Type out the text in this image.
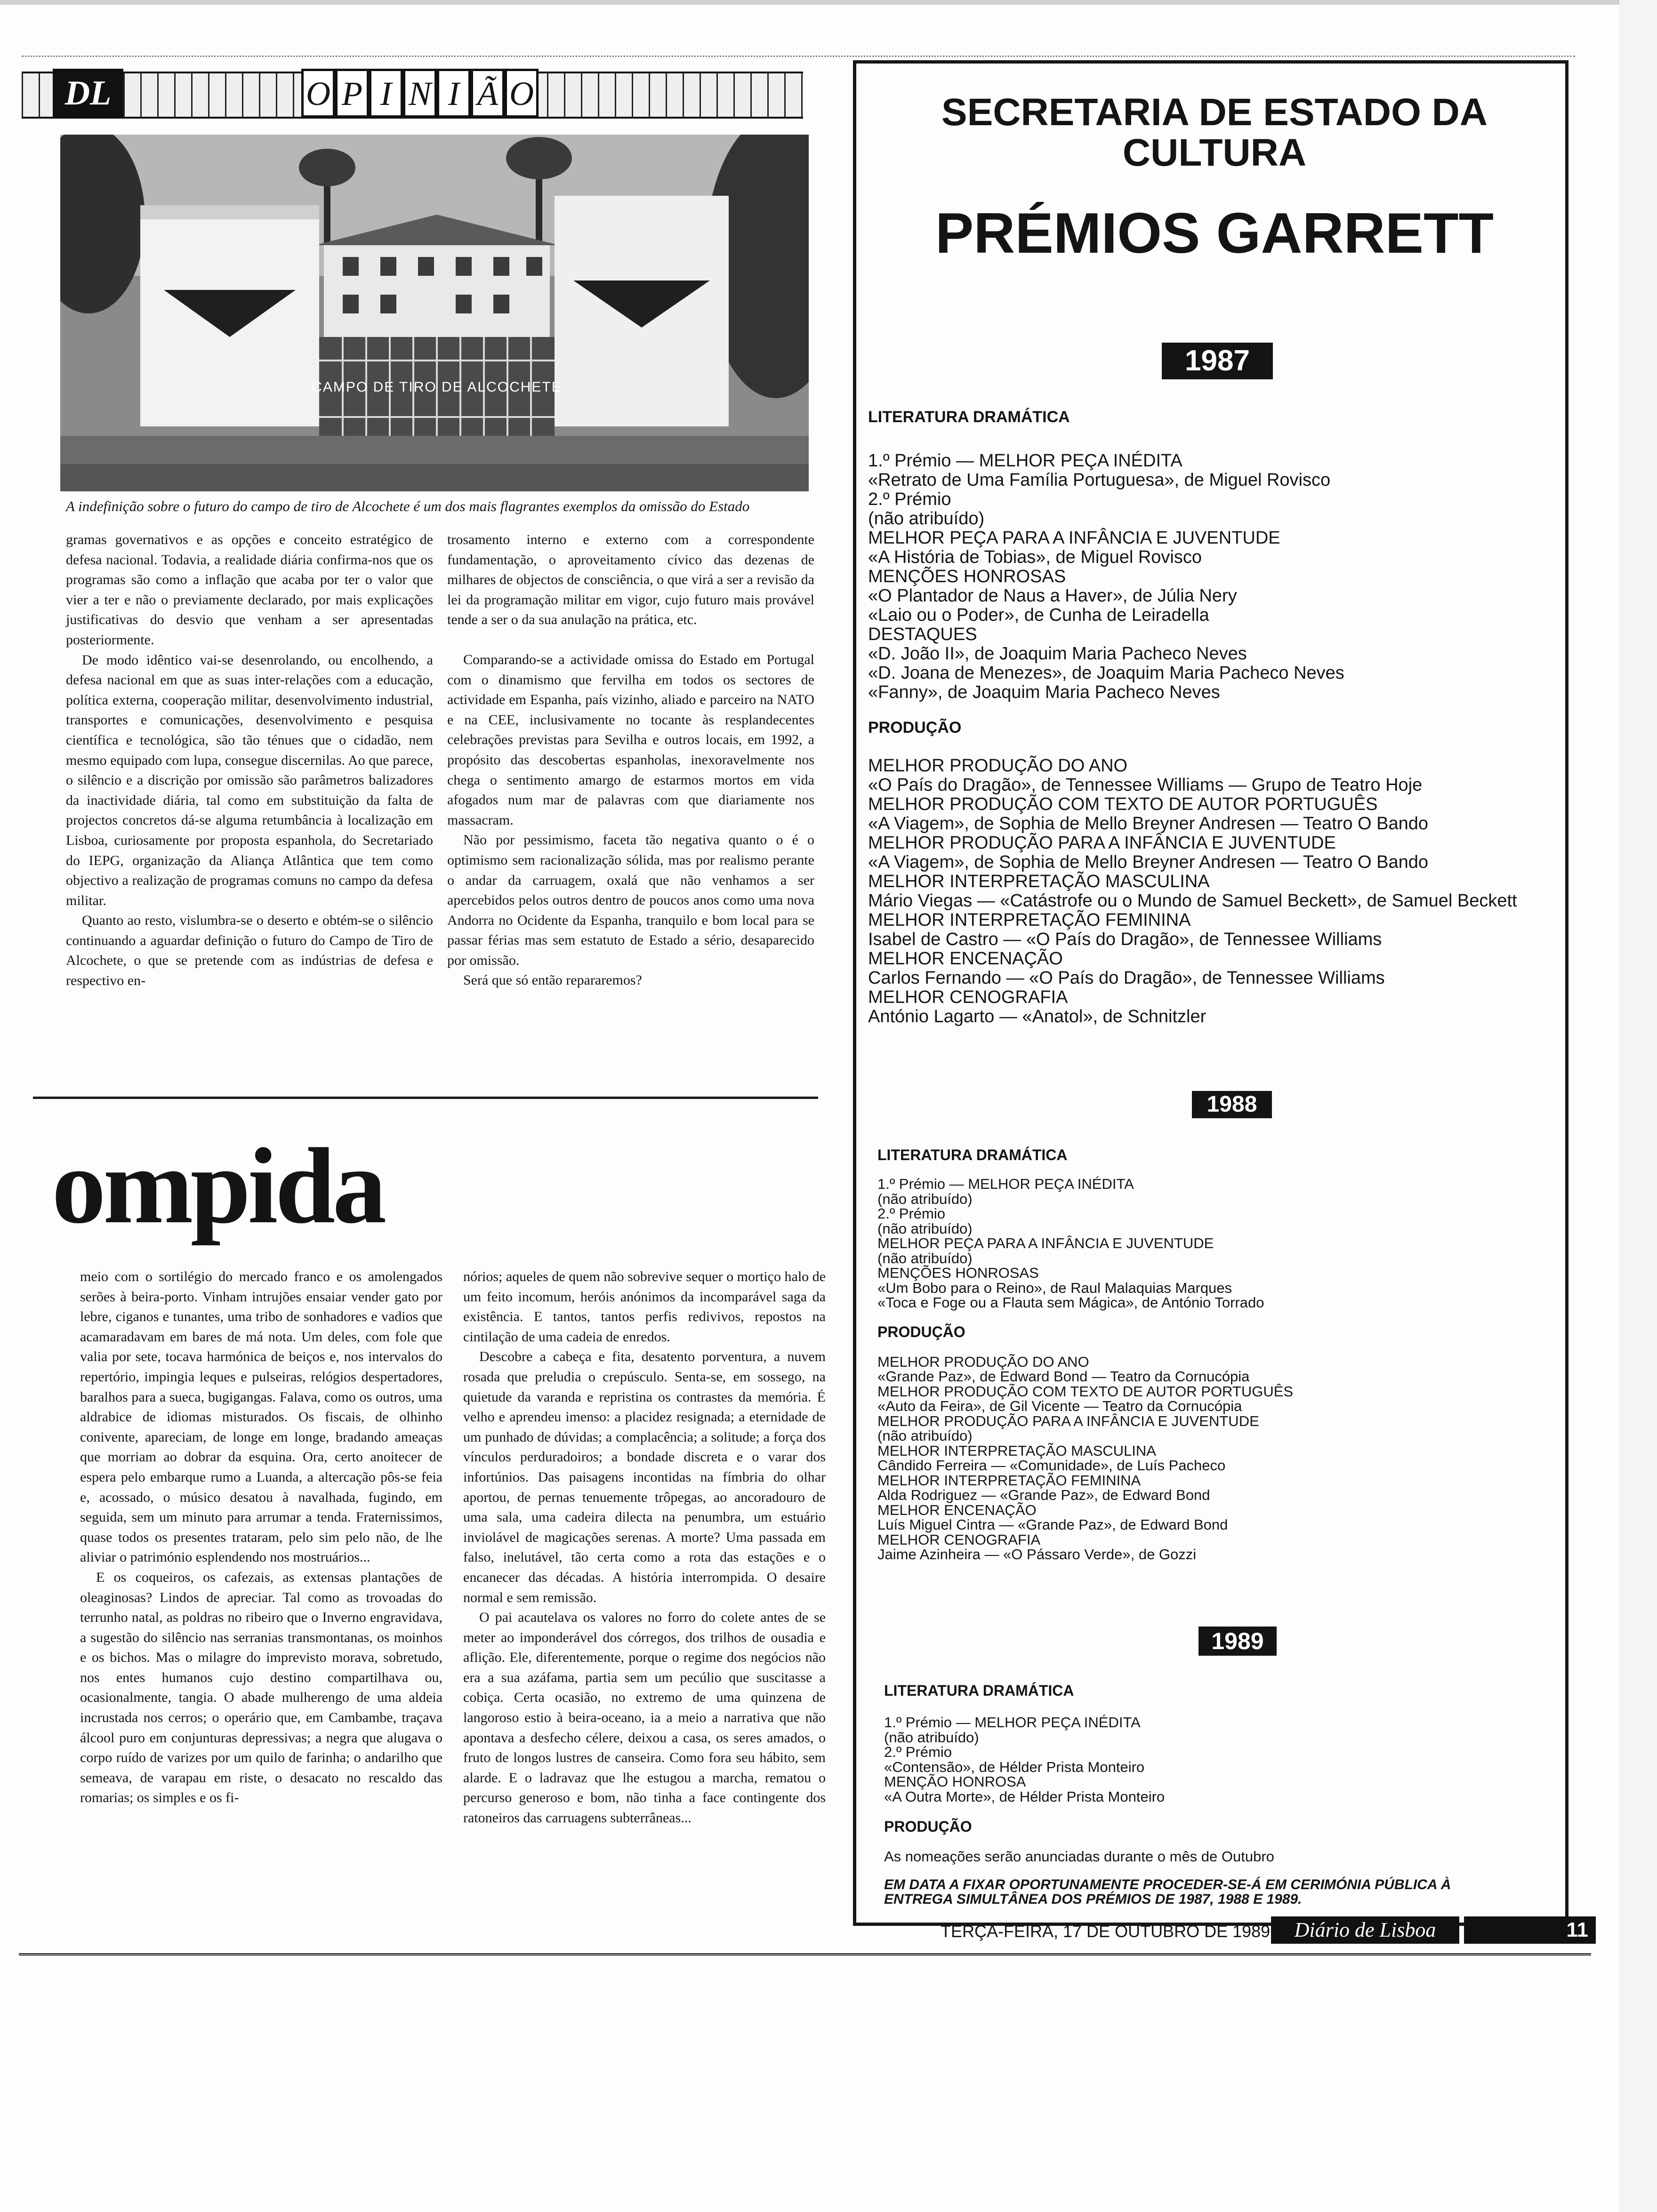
DL	O P I N I Ã O
CAMPO DE TIRO DE ALCOCHETE
A indefinição sobre o futuro do campo de tiro de Alcochete é um dos mais flagrantes exemplos da omissão do Estado

gramas governativos e as opções e conceito estratégico de defesa nacional. Todavia, a realidade diária confirma-nos que os programas são como a inflação que acaba por ter o valor que vier a ter e não o previamente declarado, por mais explicações justificativas do desvio que venham a ser apresentadas posteriormente.

De modo idêntico vai-se desenrolando, ou encolhendo, a defesa nacional em que as suas inter-relações com a educação, política externa, cooperação militar, desenvolvimento industrial, transportes e comunicações, desenvolvimento e pesquisa científica e tecnológica, são tão ténues que o cidadão, nem mesmo equipado com lupa, consegue discernilas. Ao que parece, o silêncio e a discrição por omissão são parâmetros balizadores da inactividade diária, tal como em substituição da falta de projectos concretos dá-se alguma retumbância à localização em Lisboa, curiosamente por proposta espanhola, do Secretariado do IEPG, organização da Aliança Atlântica que tem como objectivo a realização de programas comuns no campo da defesa militar.

Quanto ao resto, vislumbra-se o deserto e obtém-se o silêncio continuando a aguardar definição o futuro do Campo de Tiro de Alcochete, o que se pretende com as indústrias de defesa e respectivo en-

trosamento interno e externo com a correspondente fundamentação, o aproveitamento cívico das dezenas de milhares de objectos de consciência, o que virá a ser a revisão da lei da programação militar em vigor, cujo futuro mais provável tende a ser o da sua anulação na prática, etc.

Comparando-se a actividade omissa do Estado em Portugal com o dinamismo que fervilha em todos os sectores de actividade em Espanha, país vizinho, aliado e parceiro na NATO e na CEE, inclusivamente no tocante às resplandecentes celebrações previstas para Sevilha e outros locais, em 1992, a propósito das descobertas espanholas, inexoravelmente nos chega o sentimento amargo de estarmos mortos em vida afogados num mar de palavras com que diariamente nos massacram.

Não por pessimismo, faceta tão negativa quanto o é o optimismo sem racionalização sólida, mas por realismo perante o andar da carruagem, oxalá que não venhamos a ser apercebidos pelos outros dentro de poucos anos como uma nova Andorra no Ocidente da Espanha, tranquilo e bom local para se passar férias mas sem estatuto de Estado a sério, desaparecido por omissão.

Será que só então repararemos?

ompida

meio com o sortilégio do mercado franco e os amolengados serões à beira-porto. Vinham intrujões ensaiar vender gato por lebre, ciganos e tunantes, uma tribo de sonhadores e vadios que acamaradavam em bares de má nota. Um deles, com fole que valia por sete, tocava harmónica de beiços e, nos intervalos do repertório, impingia leques e pulseiras, relógios despertadores, baralhos para a sueca, bugigangas. Falava, como os outros, uma aldrabice de idiomas misturados. Os fiscais, de olhinho conivente, apareciam, de longe em longe, bradando ameaças que morriam ao dobrar da esquina. Ora, certo anoitecer de espera pelo embarque rumo a Luanda, a altercação pôs-se feia e, acossado, o músico desatou à navalhada, fugindo, em seguida, sem um minuto para arrumar a tenda. Fraternissimos, quase todos os presentes trataram, pelo sim pelo não, de lhe aliviar o património esplendendo nos mostruários...

E os coqueiros, os cafezais, as extensas plantações de oleaginosas? Lindos de apreciar. Tal como as trovoadas do terrunho natal, as poldras no ribeiro que o Inverno engravidava, a sugestão do silêncio nas serranias transmontanas, os moinhos e os bichos. Mas o milagre do imprevisto morava, sobretudo, nos entes humanos cujo destino compartilhava ou, ocasionalmente, tangia. O abade mulherengo de uma aldeia incrustada nos cerros; o operário que, em Cambambe, traçava álcool puro em conjunturas depressivas; a negra que alugava o corpo ruído de varizes por um quilo de farinha; o andarilho que semeava, de varapau em riste, o desacato no rescaldo das romarias; os simples e os fi-

nórios; aqueles de quem não sobrevive sequer o mortiço halo de um feito incomum, heróis anónimos da incomparável saga da existência. E tantos, tantos perfis redivivos, repostos na cintilação de uma cadeia de enredos.

Descobre a cabeça e fita, desatento porventura, a nuvem rosada que preludia o crepúsculo. Senta-se, em sossego, na quietude da varanda e repristina os contrastes da memória. É velho e aprendeu imenso: a placidez resignada; a eternidade de um punhado de dúvidas; a complacência; a solitude; a força dos vínculos perduradoiros; a bondade discreta e o varar dos infortúnios. Das paisagens incontidas na fímbria do olhar aportou, de pernas tenuemente trôpegas, ao ancoradouro de uma sala, uma cadeira dilecta na penumbra, um estuário inviolável de magicações serenas. A morte? Uma passada em falso, inelutável, tão certa como a rota das estações e o encanecer das décadas. A história interrompida. O desaire normal e sem remissão.

O pai acautelava os valores no forro do colete antes de se meter ao imponderável dos córregos, dos trilhos de ousadia e aflição. Ele, diferentemente, porque o regime dos negócios não era a sua azáfama, partia sem um pecúlio que suscitasse a cobiça. Certa ocasião, no extremo de uma quinzena de langoroso estio à beira-oceano, ia a meio a narrativa que não apontava a desfecho célere, deixou a casa, os seres amados, o fruto de longos lustres de canseira. Como fora seu hábito, sem alarde. E o ladravaz que lhe estugou a marcha, rematou o percurso generoso e bom, não tinha a face contingente dos ratoneiros das carruagens subterrâneas...

SECRETARIA DE ESTADO DA CULTURA
PRÉMIOS GARRETT
1987
LITERATURA DRAMÁTICA
1.º Prémio — MELHOR PEÇA INÉDITA
«Retrato de Uma Família Portuguesa», de Miguel Rovisco
2.º Prémio
(não atribuído)
MELHOR PEÇA PARA A INFÂNCIA E JUVENTUDE
«A História de Tobias», de Miguel Rovisco
MENÇÕES HONROSAS
«O Plantador de Naus a Haver», de Júlia Nery
«Laio ou o Poder», de Cunha de Leiradella
DESTAQUES
«D. João II», de Joaquim Maria Pacheco Neves
«D. Joana de Menezes», de Joaquim Maria Pacheco Neves
«Fanny», de Joaquim Maria Pacheco Neves
PRODUÇÃO
MELHOR PRODUÇÃO DO ANO
«O País do Dragão», de Tennessee Williams — Grupo de Teatro Hoje
MELHOR PRODUÇÃO COM TEXTO DE AUTOR PORTUGUÊS
«A Viagem», de Sophia de Mello Breyner Andresen — Teatro O Bando
MELHOR PRODUÇÃO PARA A INFÂNCIA E JUVENTUDE
«A Viagem», de Sophia de Mello Breyner Andresen — Teatro O Bando
MELHOR INTERPRETAÇÃO MASCULINA
Mário Viegas — «Catástrofe ou o Mundo de Samuel Beckett», de Samuel Beckett
MELHOR INTERPRETAÇÃO FEMININA
Isabel de Castro — «O País do Dragão», de Tennessee Williams
MELHOR ENCENAÇÃO
Carlos Fernando — «O País do Dragão», de Tennessee Williams
MELHOR CENOGRAFIA
António Lagarto — «Anatol», de Schnitzler
1988
LITERATURA DRAMÁTICA
1.º Prémio — MELHOR PEÇA INÉDITA
(não atribuído)
2.º Prémio
(não atribuído)
MELHOR PEÇA PARA A INFÂNCIA E JUVENTUDE
(não atribuído)
MENÇÕES HONROSAS
«Um Bobo para o Reino», de Raul Malaquias Marques
«Toca e Foge ou a Flauta sem Mágica», de António Torrado
PRODUÇÃO
MELHOR PRODUÇÃO DO ANO
«Grande Paz», de Edward Bond — Teatro da Cornucópia
MELHOR PRODUÇÃO COM TEXTO DE AUTOR PORTUGUÊS
«Auto da Feira», de Gil Vicente — Teatro da Cornucópia
MELHOR PRODUÇÃO PARA A INFÂNCIA E JUVENTUDE
(não atribuído)
MELHOR INTERPRETAÇÃO MASCULINA
Cândido Ferreira — «Comunidade», de Luís Pacheco
MELHOR INTERPRETAÇÃO FEMININA
Alda Rodriguez — «Grande Paz», de Edward Bond
MELHOR ENCENAÇÃO
Luís Miguel Cintra — «Grande Paz», de Edward Bond
MELHOR CENOGRAFIA
Jaime Azinheira — «O Pássaro Verde», de Gozzi
1989
LITERATURA DRAMÁTICA
1.º Prémio — MELHOR PEÇA INÉDITA
(não atribuído)
2.º Prémio
«Contensão», de Hélder Prista Monteiro
MENÇÃO HONROSA
«A Outra Morte», de Hélder Prista Monteiro
PRODUÇÃO
As nomeações serão anunciadas durante o mês de Outubro
EM DATA A FIXAR OPORTUNAMENTE PROCEDER-SE-Á EM CERIMÓNIA PÚBLICA À ENTREGA SIMULTÂNEA DOS PRÉMIOS DE 1987, 1988 E 1989.
TERÇA-FEIRA, 17 DE OUTUBRO DE 1989	Diário de Lisboa	11
